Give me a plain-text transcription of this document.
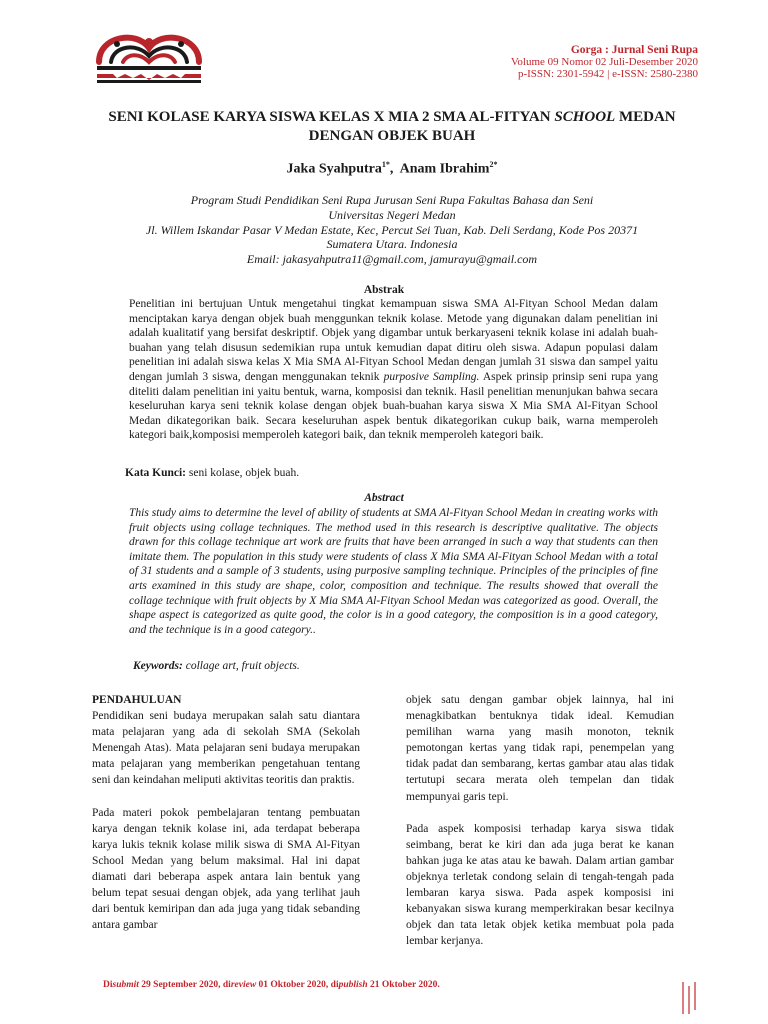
Gorga : Jurnal Seni Rupa
Volume 09 Nomor 02 Juli-Desember 2020
p-ISSN: 2301-5942 | e-ISSN: 2580-2380
SENI KOLASE KARYA SISWA KELAS X MIA 2 SMA AL-FITYAN SCHOOL MEDAN
DENGAN OBJEK BUAH
Jaka Syahputra$^{1*}$,  Anam Ibrahim$^{2*}$
Program Studi Pendidikan Seni Rupa Jurusan Seni Rupa Fakultas Bahasa dan Seni
Universitas Negeri Medan
Jl. Willem Iskandar Pasar V Medan Estate, Kec, Percut Sei Tuan, Kab. Deli Serdang, Kode Pos 20371
Sumatera Utara. Indonesia
Email: jakasyahputra11@gmail.com, jamurayu@gmail.com
Abstrak
Penelitian ini bertujuan Untuk mengetahui tingkat kemampuan siswa SMA Al-Fityan School Medan dalam menciptakan karya dengan objek buah menggunkan teknik kolase. Metode yang digunakan dalam penelitian ini adalah kualitatif yang bersifat deskriptif. Objek yang digambar untuk berkaryaseni teknik kolase ini adalah buah-buahan yang telah disusun sedemikian rupa untuk kemudian dapat ditiru oleh siswa. Adapun populasi dalam penelitian ini adalah siswa kelas X Mia SMA Al-Fityan School Medan dengan jumlah 31 siswa dan sampel yaitu dengan jumlah 3 siswa, dengan menggunakan teknik purposive Sampling. Aspek prinsip prinsip seni rupa yang diteliti dalam penelitian ini yaitu bentuk, warna, komposisi dan teknik. Hasil penelitian menunjukan bahwa secara keseluruhan karya seni teknik kolase dengan objek buah-buahan karya siswa X Mia SMA Al-Fityan School Medan dikategorikan baik. Secara keseluruhan aspek bentuk dikategorikan cukup baik, warna memperoleh kategori baik,komposisi memperoleh kategori baik, dan teknik memperoleh kategori baik.
Kata Kunci: seni kolase, objek buah.
Abstract
This study aims to determine the level of ability of students at SMA Al-Fityan School Medan in creating works with fruit objects using collage techniques. The method used in this research is descriptive qualitative. The objects drawn for this collage technique art work are fruits that have been arranged in such a way that students can then imitate them. The population in this study were students of class X Mia SMA Al-Fityan School Medan with a total of 31 students and a sample of 3 students, using purposive sampling technique. Principles of the principles of fine arts examined in this study are shape, color, composition and technique. The results showed that overall the collage technique with fruit objects by X Mia SMA Al-Fityan School Medan was categorized as good. Overall, the shape aspect is categorized as quite good, the color is in a good category, the composition is in a good category, and the technique is in a good category..
Keywords: collage art, fruit objects.
PENDAHULUAN

Pendidikan seni budaya merupakan salah satu diantara mata pelajaran yang ada di sekolah SMA (Sekolah Menengah Atas). Mata pelajaran seni budaya merupakan mata pelajaran yang memberikan pengetahuan tentang seni dan keindahan meliputi aktivitas teoritis dan praktis.

Pada materi pokok pembelajaran tentang pembuatan karya dengan teknik kolase ini, ada terdapat beberapa karya lukis teknik kolase milik siswa di SMA Al-Fityan School Medan yang belum maksimal. Hal ini dapat diamati dari beberapa aspek antara lain bentuk yang belum tepat sesuai dengan objek, ada yang terlihat jauh dari bentuk kemiripan dan ada juga yang tidak sebanding antara gambar

objek satu dengan gambar objek lainnya, hal ini menagkibatkan bentuknya tidak ideal. Kemudian pemilihan warna yang masih monoton, teknik pemotongan kertas yang tidak rapi, penempelan yang tidak padat dan sembarang, kertas gambar atau alas tidak tertutupi secara merata oleh tempelan dan tidak mempunyai garis tepi.

Pada aspek komposisi terhadap karya siswa tidak seimbang, berat ke kiri dan ada juga berat ke kanan bahkan juga ke atas atau ke bawah. Dalam artian gambar objeknya terletak condong selain di tengah-tengah pada lembaran karya siswa. Pada aspek komposisi ini kebanyakan siswa kurang memperkirakan besar kecilnya objek dan tata letak objek ketika membuat pola pada lembar kerjanya.

Disubmit 29 September 2020, direview 01 Oktober 2020, dipublish 21 Oktober 2020.
